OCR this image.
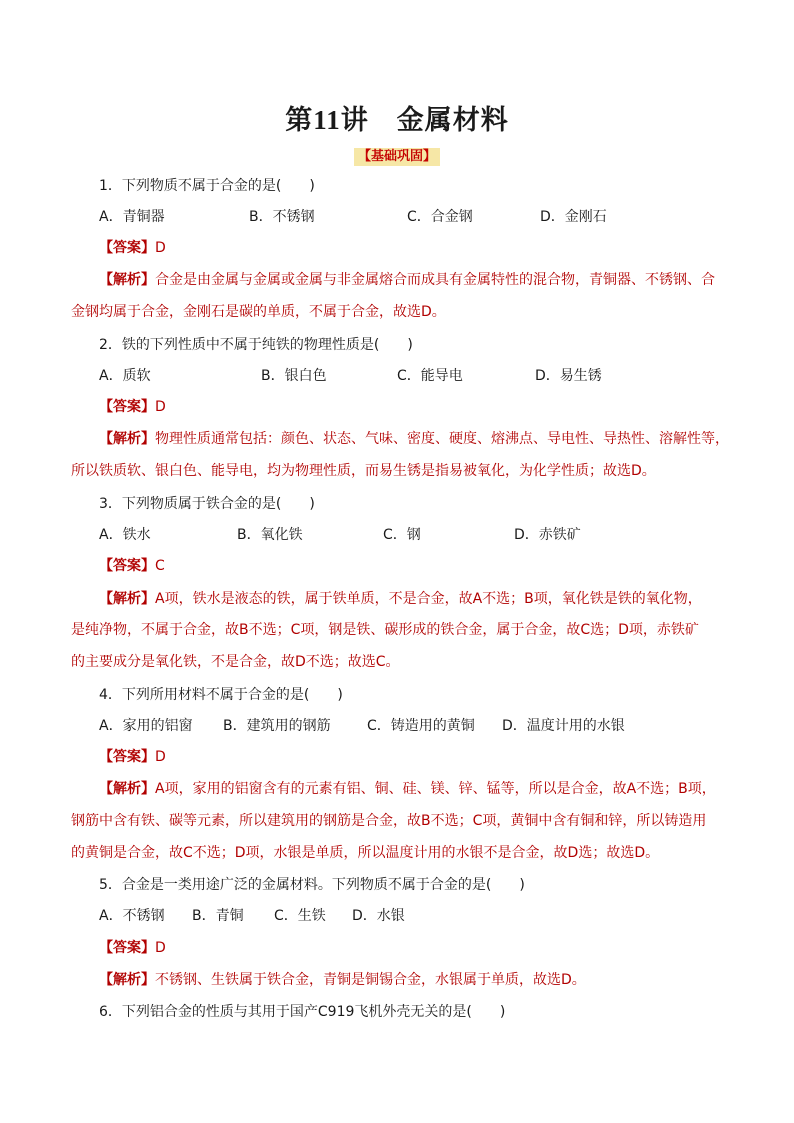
第11讲　金属材料
【基础巩固】
1．下列物质不属于合金的是(　　)
A．青铜器	B．不锈钢	C．合金钢	D．金刚石
【答案】D
【解析】合金是由金属与金属或金属与非金属熔合而成具有金属特性的混合物，青铜器、不锈钢、合
金钢均属于合金，金刚石是碳的单质，不属于合金，故选D。
2．铁的下列性质中不属于纯铁的物理性质是(　　)
A．质软	B．银白色	C．能导电	D．易生锈
【答案】D
【解析】物理性质通常包括：颜色、状态、气味、密度、硬度、熔沸点、导电性、导热性、溶解性等，
所以铁质软、银白色、能导电，均为物理性质，而易生锈是指易被氧化，为化学性质；故选D。
3．下列物质属于铁合金的是(　　)
A．铁水	B．氧化铁	C．钢	D．赤铁矿
【答案】C
【解析】A项，铁水是液态的铁，属于铁单质，不是合金，故A不选；B项，氧化铁是铁的氧化物，
是纯净物，不属于合金，故B不选；C项，钢是铁、碳形成的铁合金，属于合金，故C选；D项，赤铁矿
的主要成分是氧化铁，不是合金，故D不选；故选C。
4．下列所用材料不属于合金的是(　　)
A．家用的铝窗 B．建筑用的钢筋	C．铸造用的黄铜 D．温度计用的水银
【答案】D
【解析】A项，家用的铝窗含有的元素有铝、铜、硅、镁、锌、锰等，所以是合金，故A不选；B项，
钢筋中含有铁、碳等元素，所以建筑用的钢筋是合金，故B不选；C项，黄铜中含有铜和锌，所以铸造用
的黄铜是合金，故C不选；D项，水银是单质，所以温度计用的水银不是合金，故D选；故选D。
5．合金是一类用途广泛的金属材料。下列物质不属于合金的是(　　)
A．不锈钢 B．青铜 C．生铁 D．水银
【答案】D
【解析】不锈钢、生铁属于铁合金，青铜是铜锡合金，水银属于单质，故选D。
6．下列铝合金的性质与其用于国产C919飞机外壳无关的是(　　)
